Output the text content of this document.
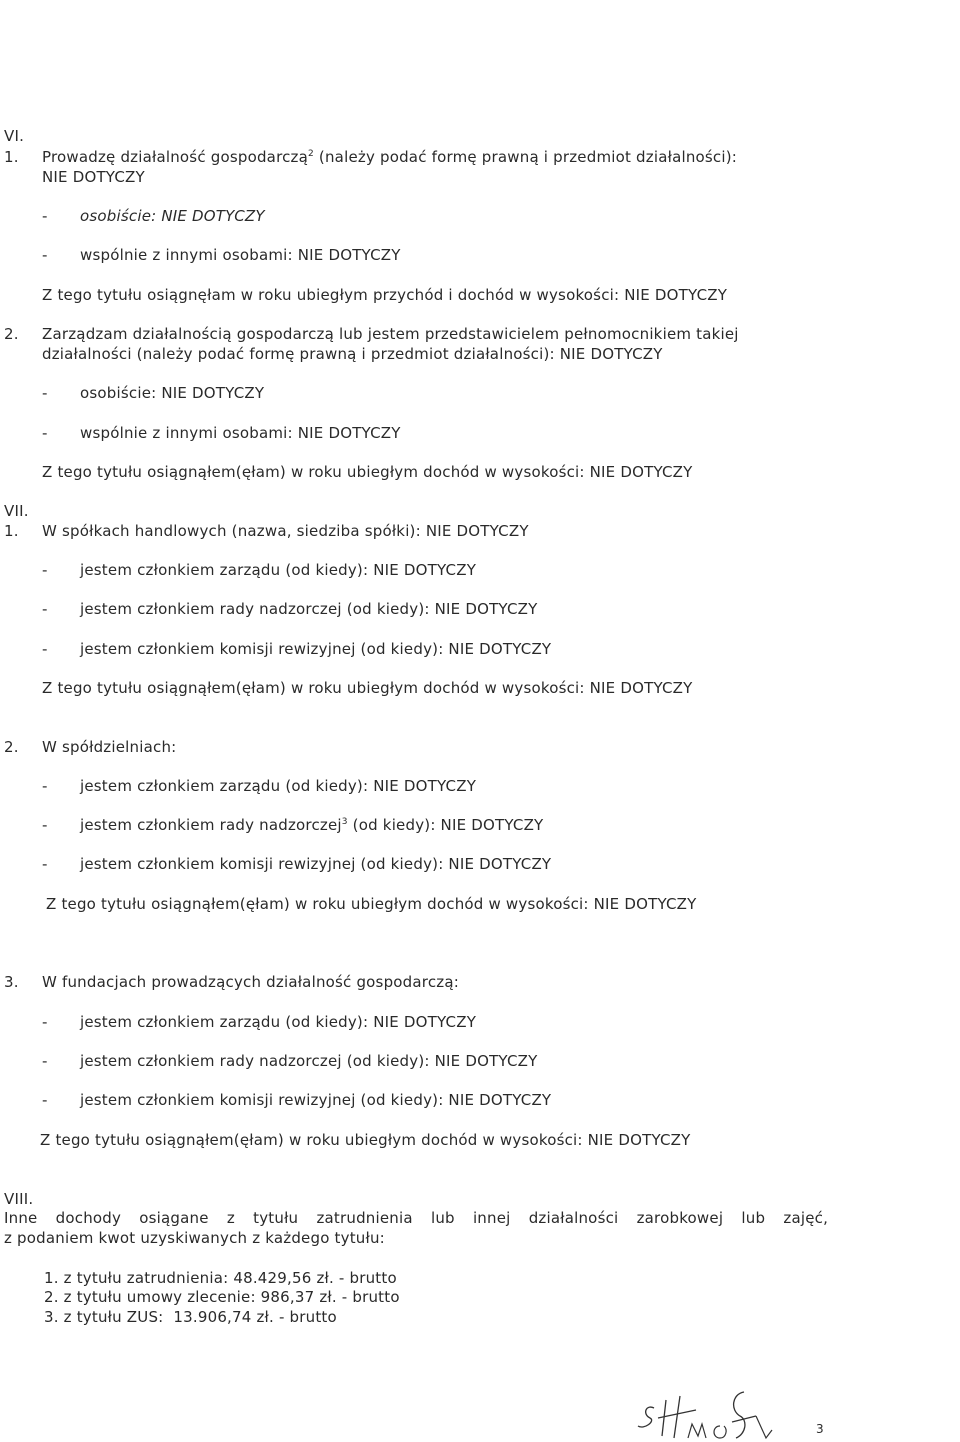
VI.
1. Prowadzę działalność gospodarczą$^2$ (należy podać formę prawną i przedmiot działalności):
NIE DOTYCZY
- osobiście: NIE DOTYCZY
- wspólnie z innymi osobami: NIE DOTYCZY
Z tego tytułu osiągnęłam w roku ubiegłym przychód i dochód w wysokości: NIE DOTYCZY
2. Zarządzam działalnością gospodarczą lub jestem przedstawicielem pełnomocnikiem takiej
działalności (należy podać formę prawną i przedmiot działalności): NIE DOTYCZY
- osobiście: NIE DOTYCZY
- wspólnie z innymi osobami: NIE DOTYCZY
Z tego tytułu osiągnąłem(ęłam) w roku ubiegłym dochód w wysokości: NIE DOTYCZY
VII.
1. W spółkach handlowych (nazwa, siedziba spółki): NIE DOTYCZY
- jestem członkiem zarządu (od kiedy): NIE DOTYCZY
- jestem członkiem rady nadzorczej (od kiedy): NIE DOTYCZY
- jestem członkiem komisji rewizyjnej (od kiedy): NIE DOTYCZY
Z tego tytułu osiągnąłem(ęłam) w roku ubiegłym dochód w wysokości: NIE DOTYCZY
2. W spółdzielniach:
- jestem członkiem zarządu (od kiedy): NIE DOTYCZY
- jestem członkiem rady nadzorczej$^3$ (od kiedy): NIE DOTYCZY
- jestem członkiem komisji rewizyjnej (od kiedy): NIE DOTYCZY
Z tego tytułu osiągnąłem(ęłam) w roku ubiegłym dochód w wysokości: NIE DOTYCZY
3. W fundacjach prowadzących działalność gospodarczą:
- jestem członkiem zarządu (od kiedy): NIE DOTYCZY
- jestem członkiem rady nadzorczej (od kiedy): NIE DOTYCZY
- jestem członkiem komisji rewizyjnej (od kiedy): NIE DOTYCZY
Z tego tytułu osiągnąłem(ęłam) w roku ubiegłym dochód w wysokości: NIE DOTYCZY
VIII.
Inne dochody osiągane z tytułu zatrudnienia lub innej działalności zarobkowej lub zajęć,
z podaniem kwot uzyskiwanych z każdego tytułu:
1. z tytułu zatrudnienia: 48.429,56 zł. - brutto
2. z tytułu umowy zlecenie: 986,37 zł. - brutto
3. z tytułu ZUS:  13.906,74 zł. - brutto
3
